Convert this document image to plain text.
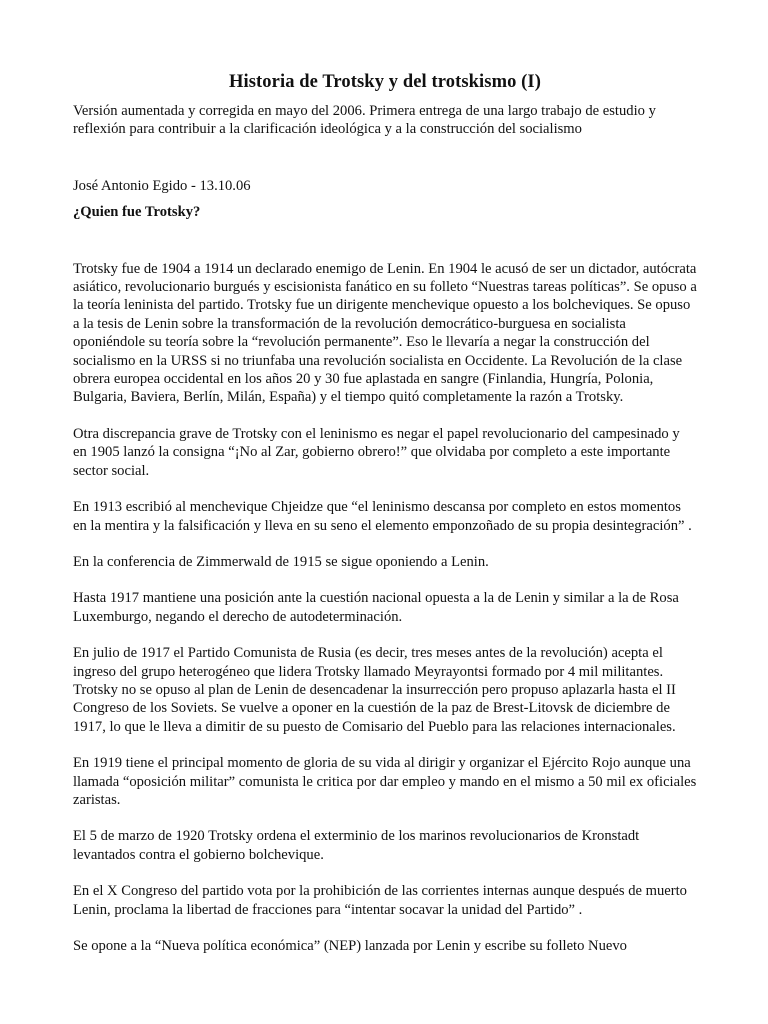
Historia de Trotsky y del trotskismo (I)

Versión aumentada y corregida en mayo del 2006. Primera entrega de una largo trabajo de estudio y reflexión para contribuir a la clarificación ideológica y a la construcción del socialismo

José Antonio Egido - 13.10.06

¿Quien fue Trotsky?

Trotsky fue de 1904 a 1914 un declarado enemigo de Lenin. En 1904 le acusó de ser un dictador, autócrata asiático, revolucionario burgués y escisionista fanático en su folleto “Nuestras tareas políticas”. Se opuso a la teoría leninista del partido. Trotsky fue un dirigente menchevique opuesto a los bolcheviques. Se opuso a la tesis de Lenin sobre la transformación de la revolución democrático-burguesa en socialista oponiéndole su teoría sobre la “revolución permanente”. Eso le llevaría a negar la construcción del socialismo en la URSS si no triunfaba una revolución socialista en Occidente. La Revolución de la clase obrera europea occidental en los años 20 y 30 fue aplastada en sangre (Finlandia, Hungría, Polonia, Bulgaria, Baviera, Berlín, Milán, España) y el tiempo quitó completamente la razón a Trotsky.

Otra discrepancia grave de Trotsky con el leninismo es negar el papel revolucionario del campesinado y en 1905 lanzó la consigna “¡No al Zar, gobierno obrero!” que olvidaba por completo a este importante sector social.

En 1913 escribió al menchevique Chjeidze que “el leninismo descansa por completo en estos momentos en la mentira y la falsificación y lleva en su seno el elemento emponzoñado de su propia desintegración” .

En la conferencia de Zimmerwald de 1915 se sigue oponiendo a Lenin.

Hasta 1917 mantiene una posición ante la cuestión nacional opuesta a la de Lenin y similar a la de Rosa Luxemburgo, negando el derecho de autodeterminación.

En julio de 1917 el Partido Comunista de Rusia (es decir, tres meses antes de la revolución) acepta el ingreso del grupo heterogéneo que lidera Trotsky llamado Meyrayontsi formado por 4 mil militantes. Trotsky no se opuso al plan de Lenin de desencadenar la insurrección pero propuso aplazarla hasta el II Congreso de los Soviets. Se vuelve a oponer en la cuestión de la paz de Brest-Litovsk de diciembre de 1917, lo que le lleva a dimitir de su puesto de Comisario del Pueblo para las relaciones internacionales.

En 1919 tiene el principal momento de gloria de su vida al dirigir y organizar el Ejército Rojo aunque una llamada “oposición militar” comunista le critica por dar empleo y mando en el mismo a 50 mil ex oficiales zaristas.

El 5 de marzo de 1920 Trotsky ordena el exterminio de los marinos revolucionarios de Kronstadt levantados contra el gobierno bolchevique.

En el X Congreso del partido vota por la prohibición de las corrientes internas aunque después de muerto Lenin, proclama la libertad de fracciones para “intentar socavar la unidad del Partido” .

Se opone a la “Nueva política económica” (NEP) lanzada por Lenin y escribe su folleto Nuevo
